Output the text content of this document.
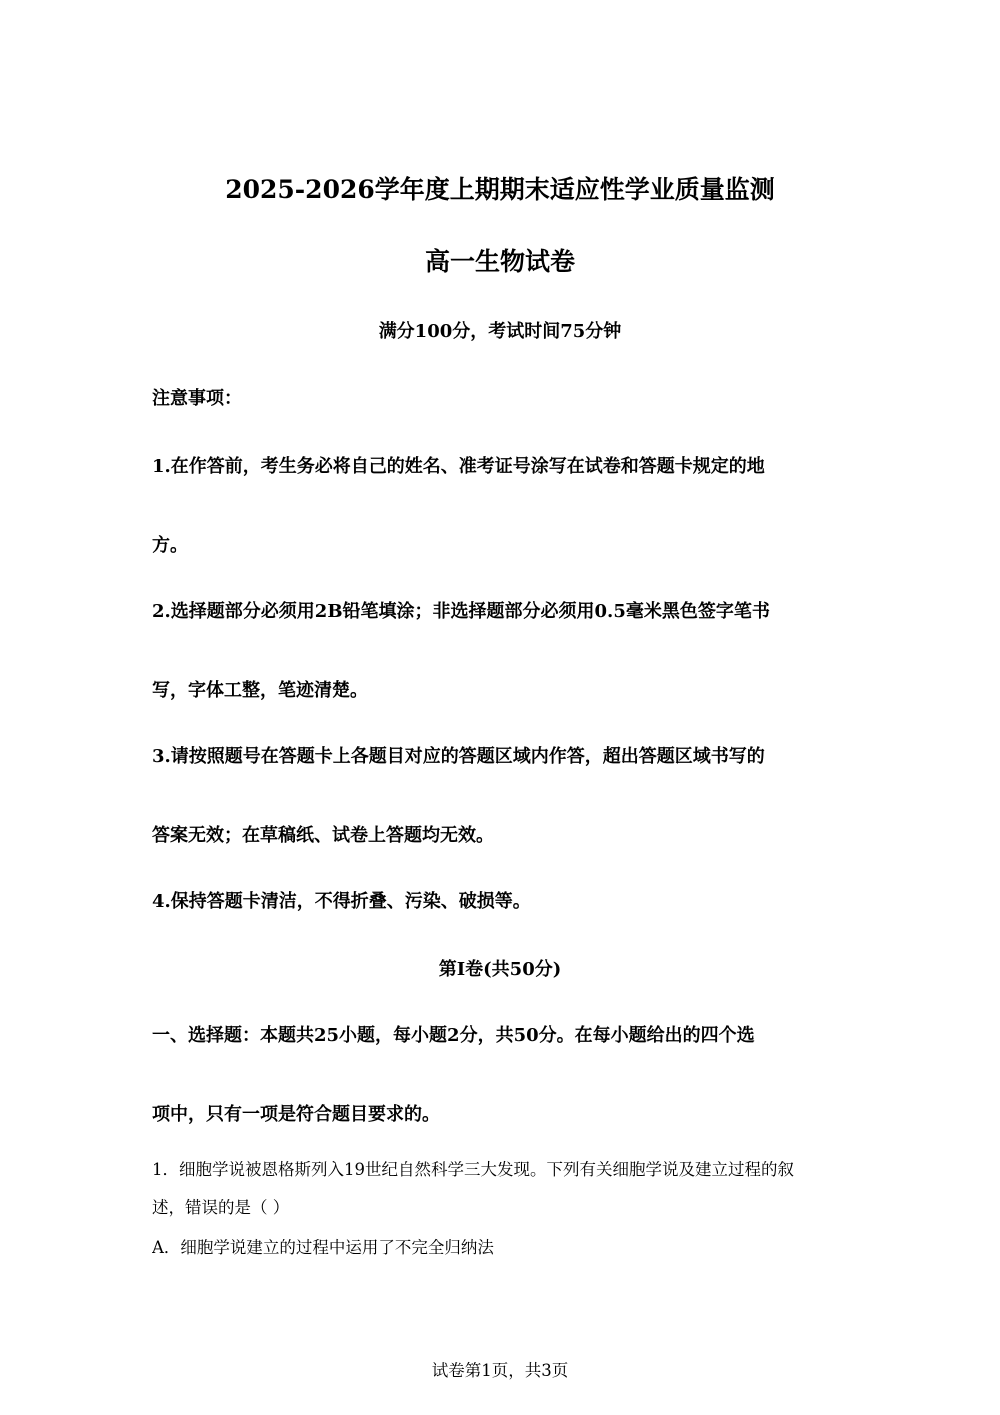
2025-2026学年度上期期末适应性学业质量监测
高一生物试卷
满分100分，考试时间75分钟
注意事项：
1.在作答前，考生务必将自己的姓名、准考证号涂写在试卷和答题卡规定的地
方。
2.选择题部分必须用2B铅笔填涂；非选择题部分必须用0.5毫米黑色签字笔书
写，字体工整，笔迹清楚。
3.请按照题号在答题卡上各题目对应的答题区域内作答，超出答题区域书写的
答案无效；在草稿纸、试卷上答题均无效。
4.保持答题卡清洁，不得折叠、污染、破损等。
第Ⅰ卷(共50分)
一、选择题：本题共25小题，每小题2分，共50分。在每小题给出的四个选
项中，只有一项是符合题目要求的。
1．细胞学说被恩格斯列入19世纪自然科学三大发现。下列有关细胞学说及建立过程的叙
述，错误的是（ ）
A．细胞学说建立的过程中运用了不完全归纳法
试卷第1页，共3页
